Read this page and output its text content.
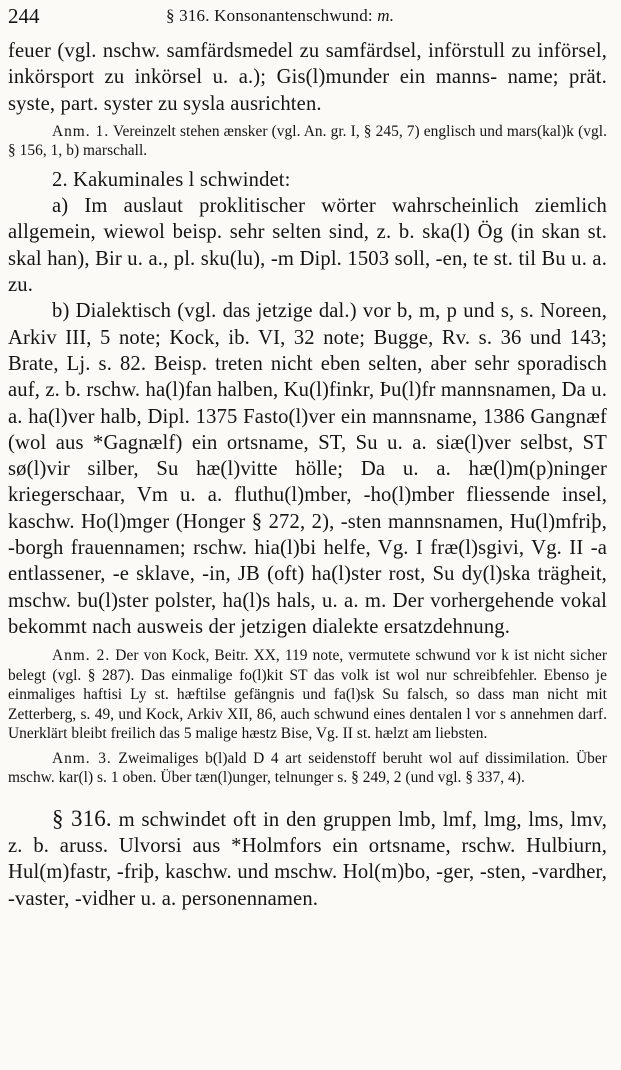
244	§ 316. Konsonantenschwund: m.

feuer (vgl. nschw. samfärdsmedel zu samfärdsel, införstull zu införsel, inkörsport zu inkörsel u. a.); Gis(l)munder ein manns- name; prät. syste, part. syster zu sysla ausrichten.

Anm. 1. Vereinzelt stehen ænsker (vgl. An. gr. I, § 245, 7) englisch und mars(kal)k (vgl. § 156, 1, b) marschall.

2. Kakuminales l schwindet:

a) Im auslaut proklitischer wörter wahrscheinlich ziemlich allgemein, wiewol beisp. sehr selten sind, z. b. ska(l) Ög (in skan st. skal han), Bir u. a., pl. sku(lu), -m Dipl. 1503 soll, -en, te st. til Bu u. a. zu.

b) Dialektisch (vgl. das jetzige dal.) vor b, m, p und s, s. Noreen, Arkiv III, 5 note; Kock, ib. VI, 32 note; Bugge, Rv. s. 36 und 143; Brate, Lj. s. 82. Beisp. treten nicht eben selten, aber sehr sporadisch auf, z. b. rschw. ha(l)fan halben, Ku(l)finkr, Þu(l)fr mannsnamen, Da u. a. ha(l)ver halb, Dipl. 1375 Fasto(l)ver ein mannsname, 1386 Gangnæf (wol aus *Gagnælf) ein ortsname, ST, Su u. a. siæ(l)ver selbst, ST sø(l)vir silber, Su hæ(l)vitte hölle; Da u. a. hæ(l)m(p)ninger kriegerschaar, Vm u. a. fluthu(l)mber, -ho(l)mber fliessende insel, kaschw. Ho(l)mger (Honger § 272, 2), -sten mannsnamen, Hu(l)mfriþ, -borgh frauennamen; rschw. hia(l)bi helfe, Vg. I fræ(l)sgivi, Vg. II -a entlassener, -e sklave, -in, JB (oft) ha(l)ster rost, Su dy(l)ska trägheit, mschw. bu(l)ster polster, ha(l)s hals, u. a. m. Der vorhergehende vokal bekommt nach ausweis der jetzigen dialekte ersatzdehnung.

Anm. 2. Der von Kock, Beitr. XX, 119 note, vermutete schwund vor k ist nicht sicher belegt (vgl. § 287). Das einmalige fo(l)kit ST das volk ist wol nur schreibfehler. Ebenso je einmaliges haftisi Ly st. hæftilse gefängnis und fa(l)sk Su falsch, so dass man nicht mit Zetterberg, s. 49, und Kock, Arkiv XII, 86, auch schwund eines dentalen l vor s annehmen darf. Unerklärt bleibt freilich das 5 malige hæstz Bise, Vg. II st. hælzt am liebsten.

Anm. 3. Zweimaliges b(l)ald D 4 art seidenstoff beruht wol auf dissimilation. Über mschw. kar(l) s. 1 oben. Über tæn(l)unger, telnunger s. § 249, 2 (und vgl. § 337, 4).

§ 316. m schwindet oft in den gruppen lmb, lmf, lmg, lms, lmv, z. b. aruss. Ulvorsi aus *Holmfors ein ortsname, rschw. Hulbiurn, Hul(m)fastr, -friþ, kaschw. und mschw. Hol(m)bo, -ger, -sten, -vardher, -vaster, -vidher u. a. personennamen.
